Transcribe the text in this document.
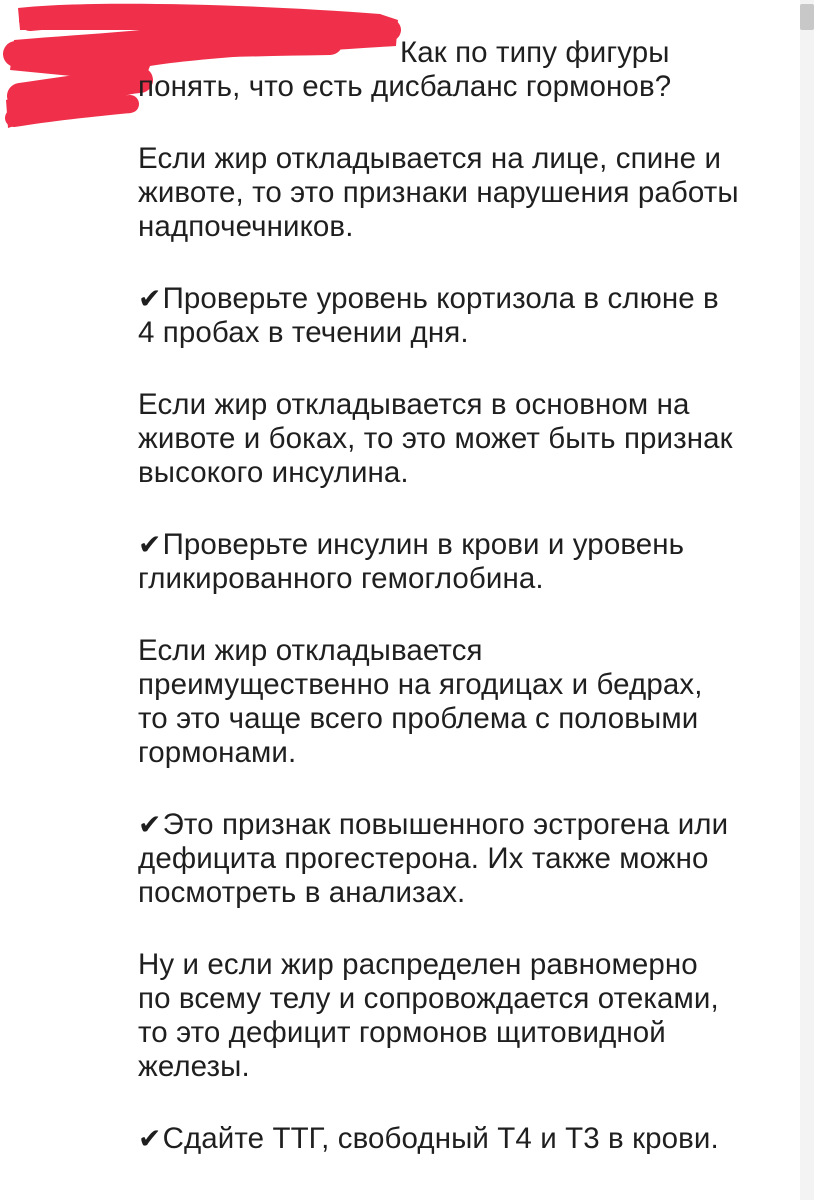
Как по типу фигуры
понять, что есть дисбаланс гормонов?

Если жир откладывается на лице, спине и
животе, то это признаки нарушения работы
надпочечников.

✔Проверьте уровень кортизола в слюне в
4 пробах в течении дня.

Если жир откладывается в основном на
животе и боках, то это может быть признак
высокого инсулина.

✔Проверьте инсулин в крови и уровень
гликированного гемоглобина.

Если жир откладывается
преимущественно на ягодицах и бедрах,
то это чаще всего проблема с половыми
гормонами.

✔Это признак повышенного эстрогена или
дефицита прогестерона. Их также можно
посмотреть в анализах.

Ну и если жир распределен равномерно
по всему телу и сопровождается отеками,
то это дефицит гормонов щитовидной
железы.

✔Сдайте ТТГ, свободный Т4 и Т3 в крови.
